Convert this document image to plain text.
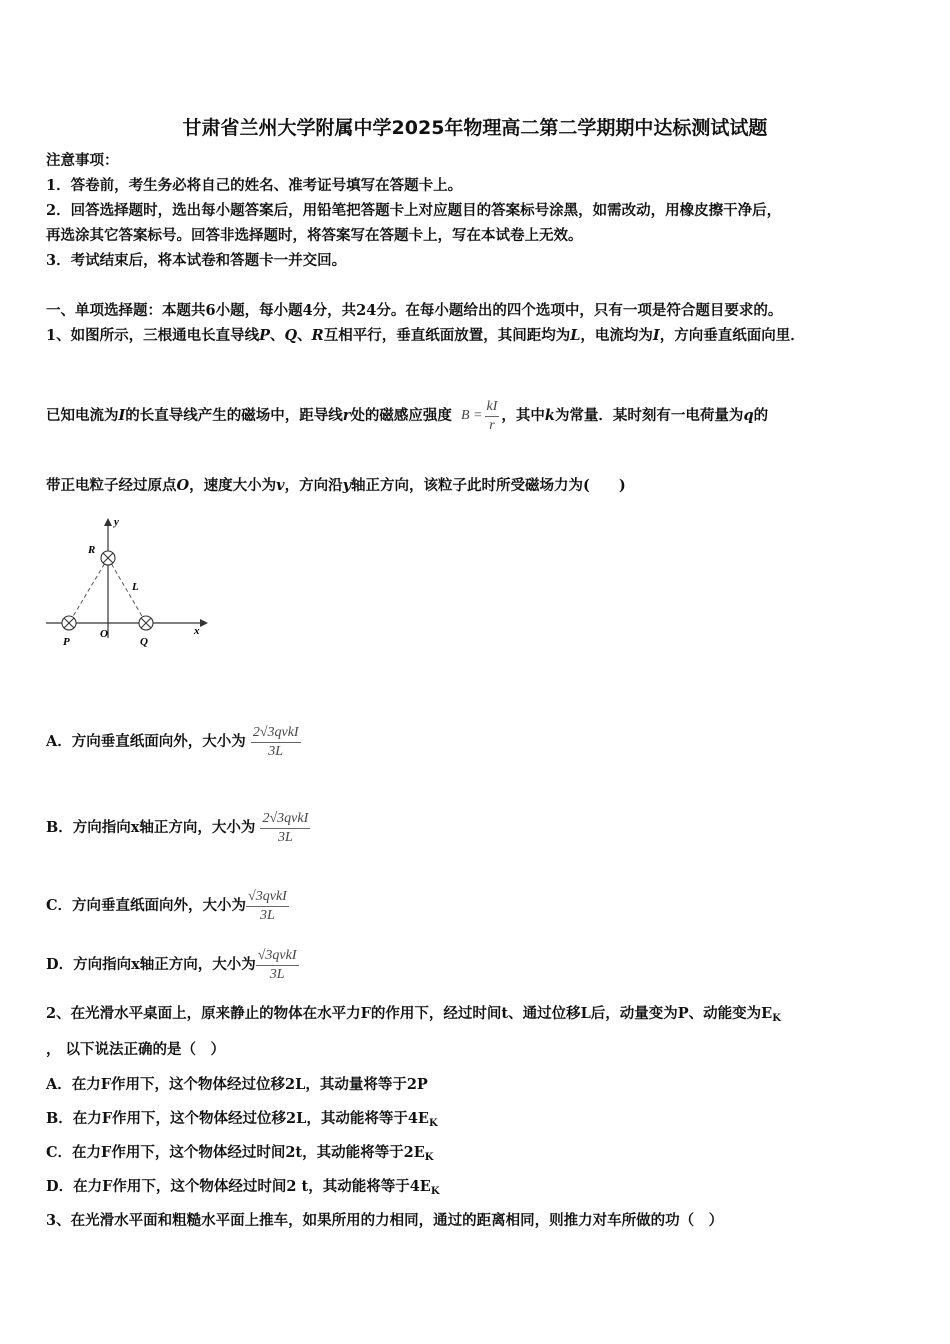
甘肃省兰州大学附属中学2025年物理高二第二学期期中达标测试试题
注意事项：
1．答卷前，考生务必将自己的姓名、准考证号填写在答题卡上。
2．回答选择题时，选出每小题答案后，用铅笔把答题卡上对应题目的答案标号涂黑，如需改动，用橡皮擦干净后，
再选涂其它答案标号。回答非选择题时，将答案写在答题卡上，写在本试卷上无效。
3．考试结束后，将本试卷和答题卡一并交回。
一、单项选择题：本题共6小题，每小题4分，共24分。在每小题给出的四个选项中，只有一项是符合题目要求的。
1、如图所示，三根通电长直导线P、Q、R互相平行，垂直纸面放置，其间距均为L，电流均为I，方向垂直纸面向里．
已知电流为I的长直导线产生的磁场中，距导线r处的磁感应强度 $B = \frac{kI}{r}$ ，其中k为常量．某时刻有一电荷量为q的
带正电粒子经过原点O，速度大小为v，方向沿y轴正方向，该粒子此时所受磁场力为(　　)
y
R
L
P
O
Q
x
A．方向垂直纸面向外，大小为 $\frac{\text{2√3qvkI}}{3L}$
B．方向指向x轴正方向，大小为 $\frac{\text{2√3qvkI}}{3L}$
C．方向垂直纸面向外，大小为 $\frac{\text{√3qvkI}}{3L}$
D．方向指向x轴正方向，大小为 $\frac{\text{√3qvkI}}{3L}$
2、在光滑水平桌面上，原来静止的物体在水平力F的作用下，经过时间t、通过位移L后，动量变为P、动能变为$E_K$
， 以下说法正确的是（　）
A．在力F作用下，这个物体经过位移2L，其动量将等于2P
B．在力F作用下，这个物体经过位移2L，其动能将等于$4E_K$
C．在力F作用下，这个物体经过时间2t，其动能将等于$2E_K$
D．在力F作用下，这个物体经过时间2 t，其动能将等于$4E_K$
3、在光滑水平面和粗糙水平面上推车，如果所用的力相同，通过的距离相同，则推力对车所做的功（　）
